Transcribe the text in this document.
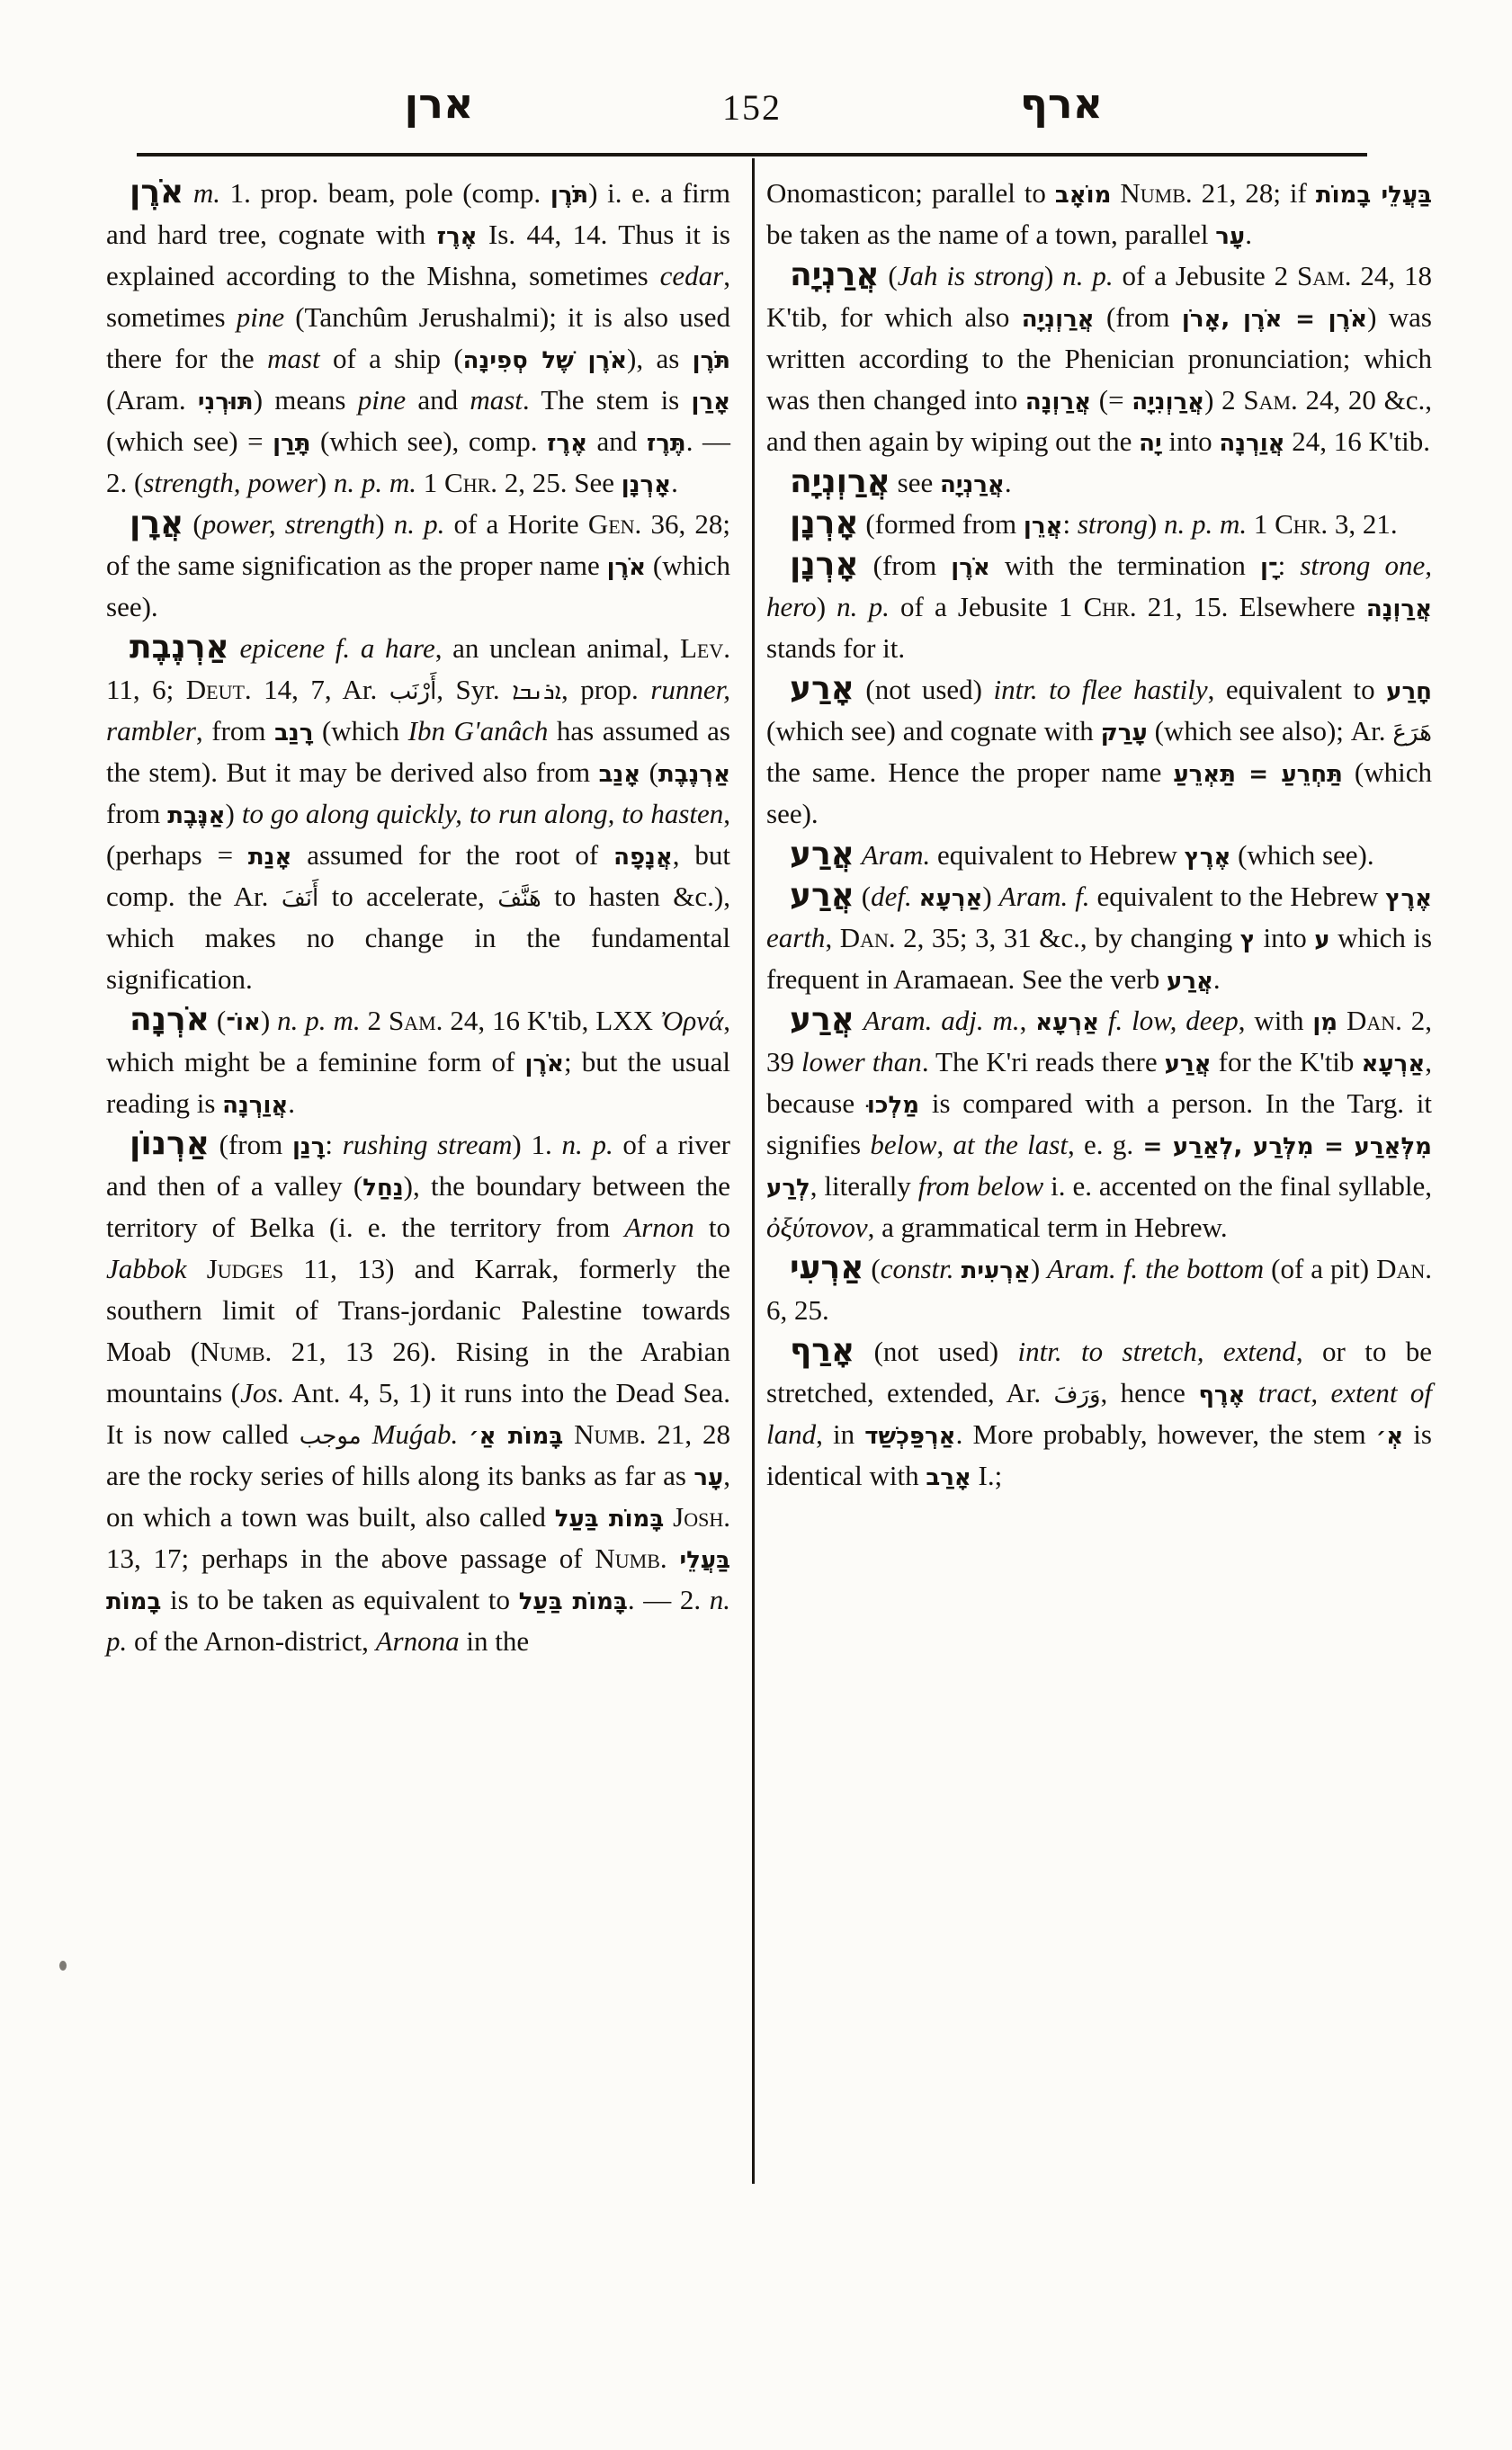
ארן	152	ארף

אֹרֶן m. 1. prop. beam, pole (comp. תֹּרֶן) i. e. a firm and hard tree, cognate with אֶרֶז Is. 44, 14. Thus it is explained according to the Mishna, sometimes cedar, sometimes pine (Tanchûm Jerushalmi); it is also used there for the mast of a ship (אֹרֶן שֶׁל סְפִינָה), as תֹּרֶן (Aram. תּוּרְנִי) means pine and mast. The stem is אָרַן (which see) = תָּרַן (which see), comp. אֶרֶז and תֶּרֶז. — 2. (strength, power) n. p. m. 1 Chr. 2, 25. See אָרְנָן.

אֲרָן (power, strength) n. p. of a Horite Gen. 36, 28; of the same signification as the proper name אֹרֶן (which see).

אַרְנֶבֶת epicene f. a hare, an unclean animal, Lev. 11, 6; Deut. 14, 7, Ar. أَرْنَب, Syr. ܐܪܢܒܐ, prop. runner, rambler, from רָנַב (which Ibn G'anâch has assumed as the stem). But it may be derived also from אָנַב (אַרְנֶבֶת from אַנֶּבֶת) to go along quickly, to run along, to hasten, (perhaps = אָנַת assumed for the root of אֲנָפָה, but comp. the Ar. أَنَفَ to accelerate, هَنَّفَ to hasten &c.), which makes no change in the fundamental signification.

אֹרְנָה (אוֹ־) n. p. m. 2 Sam. 24, 16 K'tib, LXX Ὀρνά, which might be a feminine form of אֹרֶן; but the usual reading is אֲוַרְנָה.

אַרְנוֹן (from רָנַן: rushing stream) 1. n. p. of a river and then of a valley (נַחַל), the boundary between the territory of Belka (i. e. the territory from Arnon to Jabbok Judges 11, 13) and Karrak, formerly the southern limit of Trans-jordanic Palestine towards Moab (Numb. 21, 13 26). Rising in the Arabian mountains (Jos. Ant. 4, 5, 1) it runs into the Dead Sea. It is now called موجب Muǵab. בָּמוֹת אַ׳ Numb. 21, 28 are the rocky series of hills along its banks as far as עָר, on which a town was built, also called בָּמוֹת בַּעַל Josh. 13, 17; perhaps in the above passage of Numb. בַּעֲלֵי בָמוֹת is to be taken as equivalent to בָּמוֹת בַּעַל. — 2. n. p. of the Arnon-district, Arnona in the

Onomasticon; parallel to מוֹאָב Numb. 21, 28; if בַּעֲלֵי בָמוֹת be taken as the name of a town, parallel עָר.

אֲרַנְיָה (Jah is strong) n. p. of a Jebusite 2 Sam. 24, 18 K'tib, for which also אֲרַוְנְיָה (from אֹרֶן = אֹרֶן ,אָרֹן) was written according to the Phenician pronunciation; which was then changed into אֲרַוְנָה (= אֲרַוְנִיָה) 2 Sam. 24, 20 &c., and then again by wiping out the יָה into אֲוַרְנָה 24, 16 K'tib.

אֲרַוְנְיָה see אֲרַנְיָה.

אָרְנָן (formed from אֲרֵן: strong) n. p. m. 1 Chr. 3, 21.

אָרְנָן (from אֹרֶן with the termination ־ָן: strong one, hero) n. p. of a Jebusite 1 Chr. 21, 15. Elsewhere אֲרַוְנָה stands for it.

אָרַע (not used) intr. to flee hastily, equivalent to חָרַע (which see) and cognate with עָרַק (which see also); Ar. هَرَعَ the same. Hence the proper name תַּחְרֵעַ = תַּאְרֵעַ (which see).

אֲרַע Aram. equivalent to Hebrew אֶרֶץ (which see).

אֲרַע (def. אַרְעָא) Aram. f. equivalent to the Hebrew אֶרֶץ earth, Dan. 2, 35; 3, 31 &c., by changing ץ into ע which is frequent in Aramaean. See the verb אֲרַע.

אֲרַע Aram. adj. m., אַרְעָא f. low, deep, with מִן Dan. 2, 39 lower than. The K'ri reads there אֲרַע for the K'tib אַרְעָא, because מַלְכוּ is compared with a person. In the Targ. it signifies below, at the last, e. g. מִלְּאַרַע = מִלְּרַע ,לְאַרַע = לְרַע, literally from below i. e. accented on the final syllable, ὀξύτονον, a grammatical term in Hebrew.

אַרְעִי (constr. אַרְעִית) Aram. f. the bottom (of a pit) Dan. 6, 25.

אָרַף (not used) intr. to stretch, extend, or to be stretched, extended, Ar. وَرَفَ, hence אֶרֶף tract, extent of land, in אַרְפַּכְשַׁד. More probably, however, the stem אְ׳ is identical with אָרַב I.;
